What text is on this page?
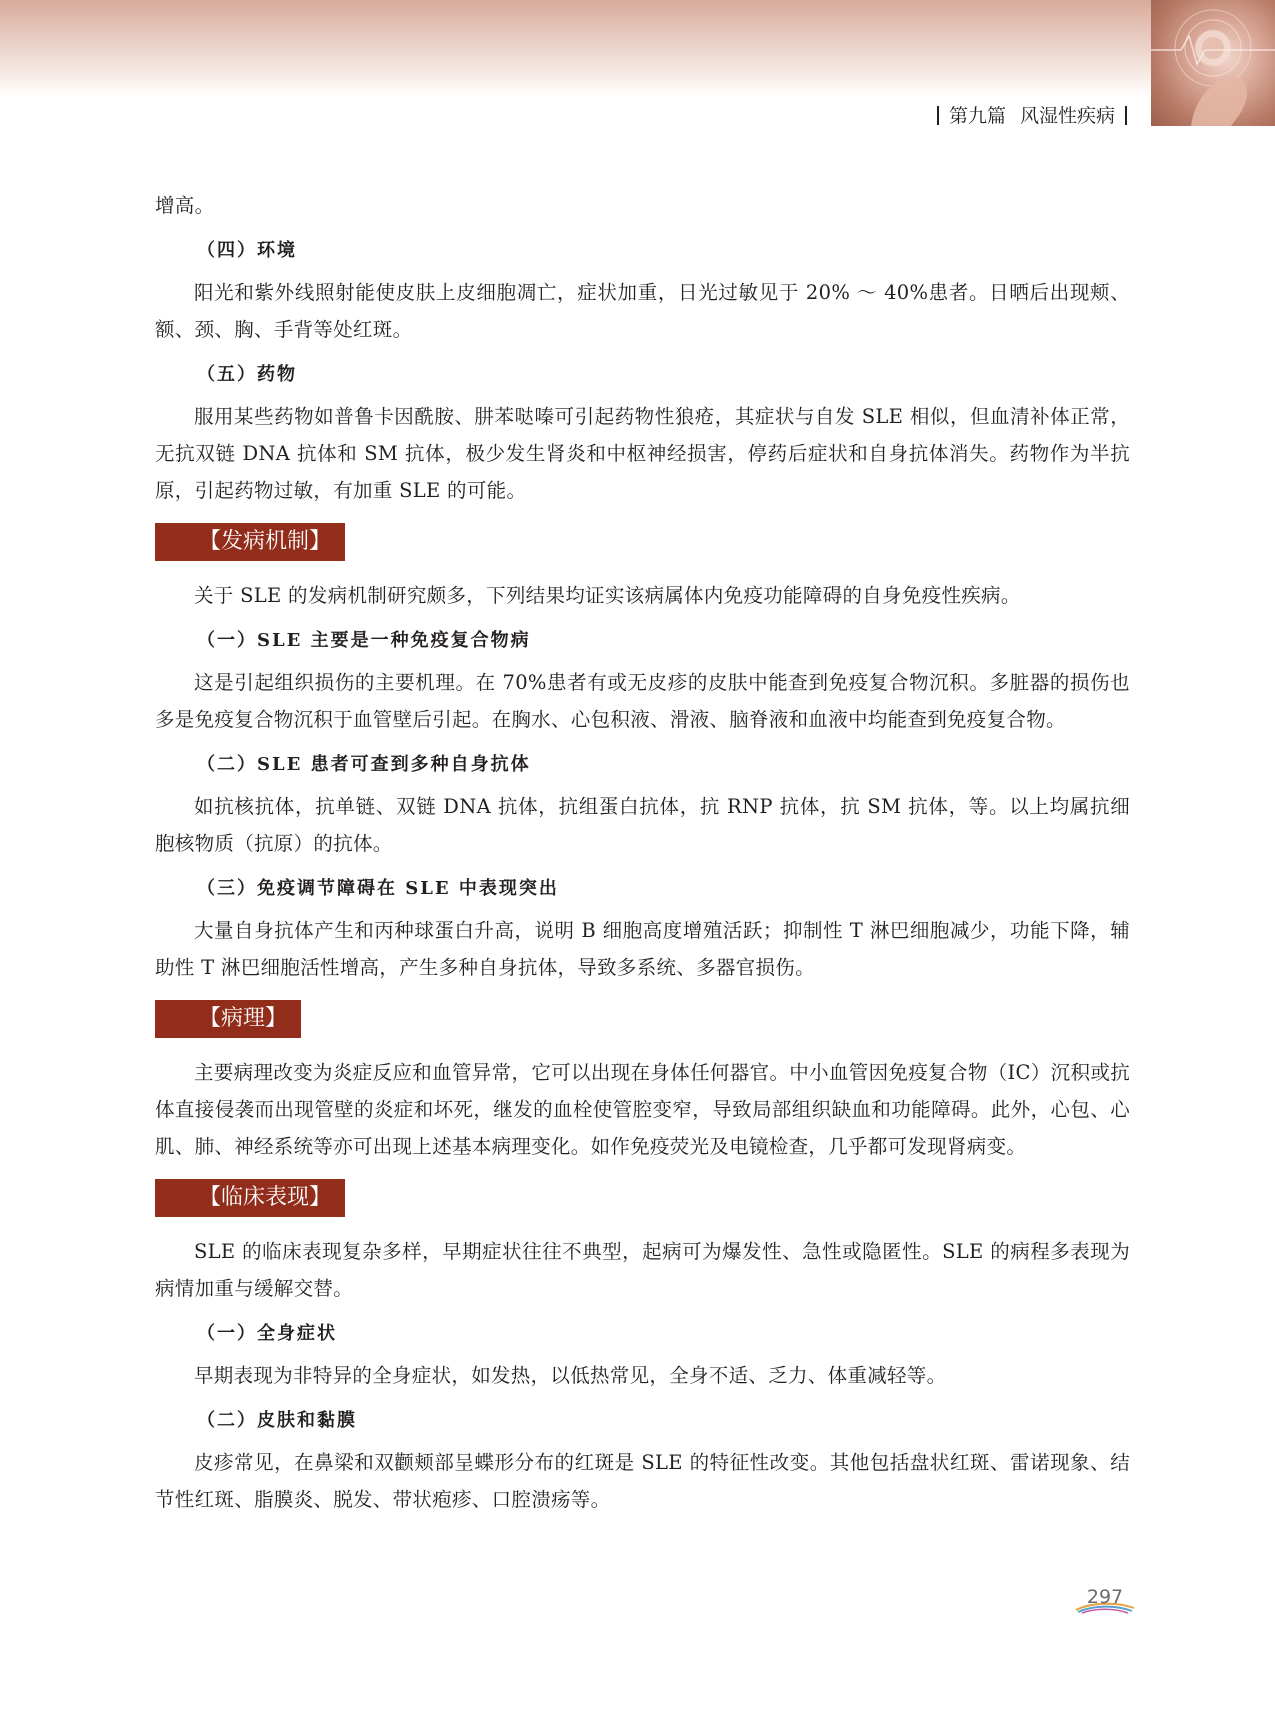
第九篇 风湿性疾病

增高。

（四）环境

阳光和紫外线照射能使皮肤上皮细胞凋亡，症状加重，日光过敏见于 20% ～ 40%患者。日晒后出现颊、额、颈、胸、手背等处红斑。

（五）药物

服用某些药物如普鲁卡因酰胺、肼苯哒嗪可引起药物性狼疮，其症状与自发 SLE 相似，但血清补体正常，无抗双链 DNA 抗体和 SM 抗体，极少发生肾炎和中枢神经损害，停药后症状和自身抗体消失。药物作为半抗原，引起药物过敏，有加重 SLE 的可能。

【发病机制】

关于 SLE 的发病机制研究颇多，下列结果均证实该病属体内免疫功能障碍的自身免疫性疾病。

（一）SLE 主要是一种免疫复合物病

这是引起组织损伤的主要机理。在 70%患者有或无皮疹的皮肤中能查到免疫复合物沉积。多脏器的损伤也多是免疫复合物沉积于血管壁后引起。在胸水、心包积液、滑液、脑脊液和血液中均能查到免疫复合物。

（二）SLE 患者可查到多种自身抗体

如抗核抗体，抗单链、双链 DNA 抗体，抗组蛋白抗体，抗 RNP 抗体，抗 SM 抗体，等。以上均属抗细胞核物质（抗原）的抗体。

（三）免疫调节障碍在 SLE 中表现突出

大量自身抗体产生和丙种球蛋白升高，说明 B 细胞高度增殖活跃；抑制性 T 淋巴细胞减少，功能下降，辅助性 T 淋巴细胞活性增高，产生多种自身抗体，导致多系统、多器官损伤。

【病理】

主要病理改变为炎症反应和血管异常，它可以出现在身体任何器官。中小血管因免疫复合物（IC）沉积或抗体直接侵袭而出现管壁的炎症和坏死，继发的血栓使管腔变窄，导致局部组织缺血和功能障碍。此外，心包、心肌、肺、神经系统等亦可出现上述基本病理变化。如作免疫荧光及电镜检查，几乎都可发现肾病变。

【临床表现】

SLE 的临床表现复杂多样，早期症状往往不典型，起病可为爆发性、急性或隐匿性。SLE 的病程多表现为病情加重与缓解交替。

（一）全身症状

早期表现为非特异的全身症状，如发热，以低热常见，全身不适、乏力、体重减轻等。

（二）皮肤和黏膜

皮疹常见，在鼻梁和双颧颊部呈蝶形分布的红斑是 SLE 的特征性改变。其他包括盘状红斑、雷诺现象、结节性红斑、脂膜炎、脱发、带状疱疹、口腔溃疡等。

297
